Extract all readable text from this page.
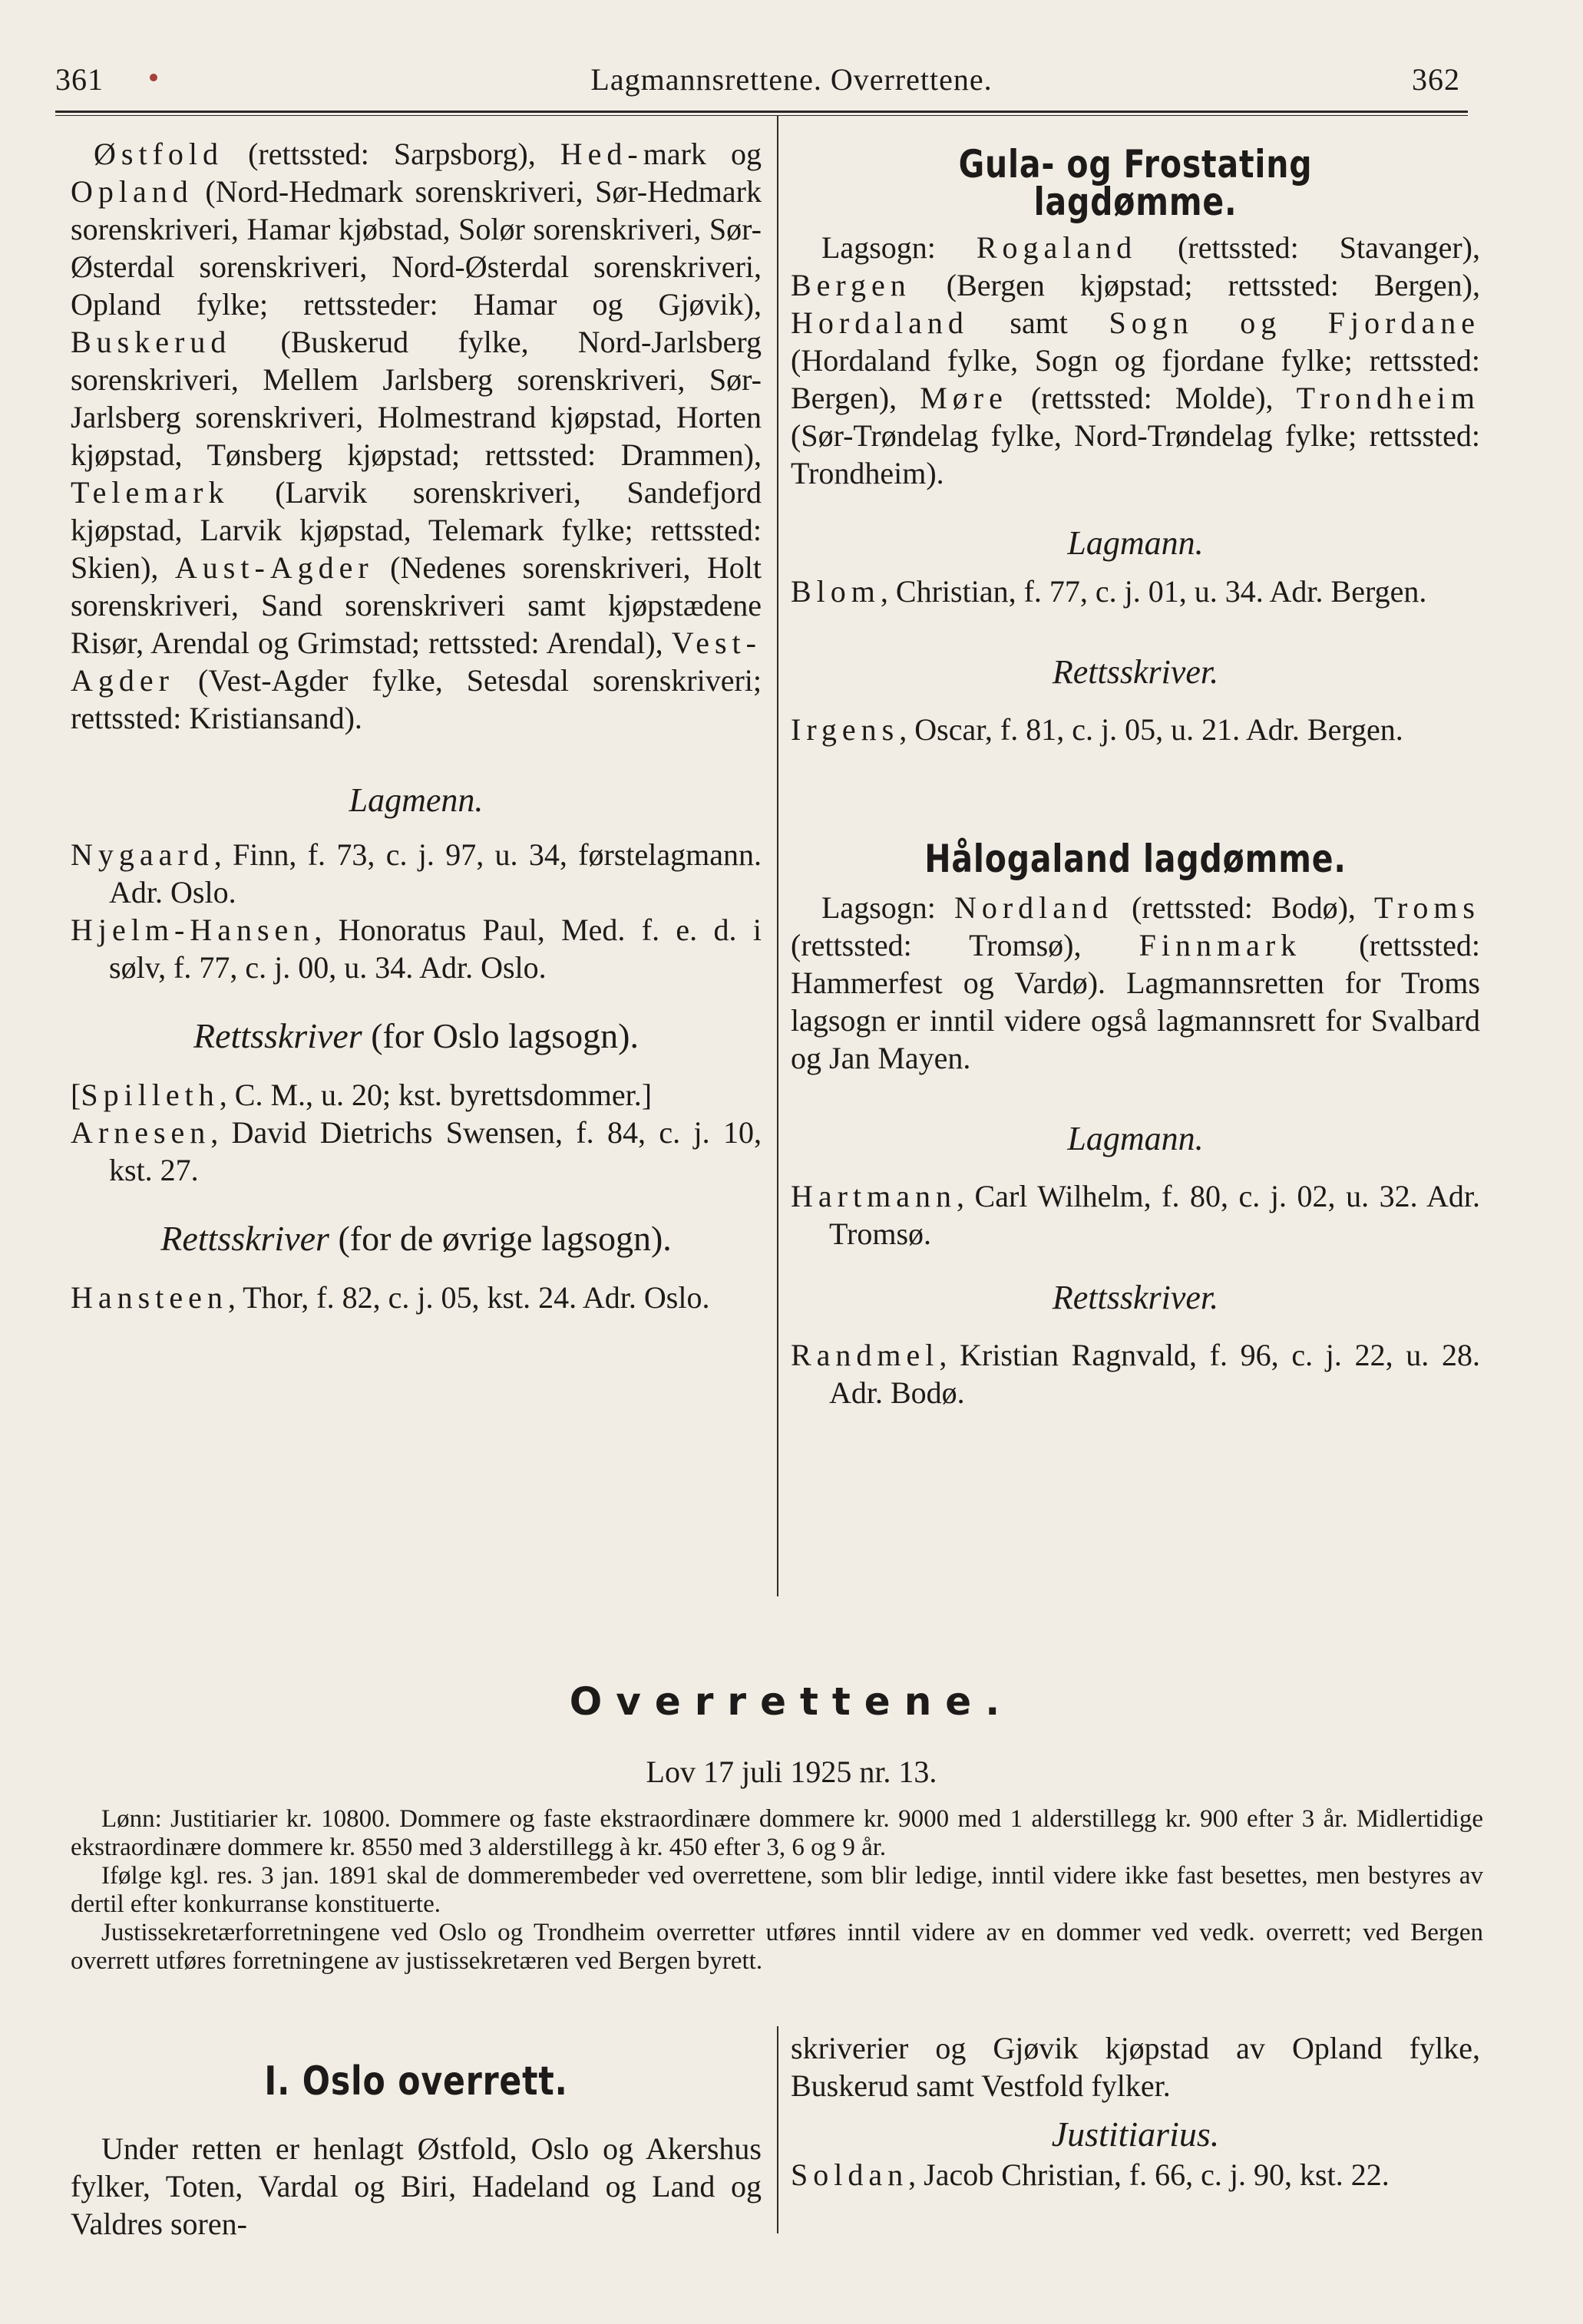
361	Lagmannsrettene. Overrettene.	362

Østfold (rettssted: Sarpsborg), Hed-mark og Opland (Nord-Hedmark sorenskriveri, Sør-Hedmark sorenskriveri, Hamar kjøbstad, Solør sorenskriveri, Sør-Østerdal sorenskriveri, Nord-Østerdal sorenskriveri, Opland fylke; rettssteder: Hamar og Gjøvik), Buskerud (Buskerud fylke, Nord-Jarlsberg sorenskriveri, Mellem Jarlsberg sorenskriveri, Sør-Jarlsberg sorenskriveri, Holmestrand kjøpstad, Horten kjøpstad, Tønsberg kjøpstad; rettssted: Drammen), Telemark (Larvik sorenskriveri, Sandefjord kjøpstad, Larvik kjøpstad, Telemark fylke; rettssted: Skien), Aust-Agder (Nedenes sorenskriveri, Holt sorenskriveri, Sand sorenskriveri samt kjøpstædene Risør, Arendal og Grimstad; rettssted: Arendal), Vest-Agder (Vest-Agder fylke, Setesdal sorenskriveri; rettssted: Kristiansand).

Lagmenn.

Nygaard, Finn, f. 73, c. j. 97, u. 34, førstelagmann. Adr. Oslo.

Hjelm-Hansen, Honoratus Paul, Med. f. e. d. i sølv, f. 77, c. j. 00, u. 34. Adr. Oslo.

Rettsskriver (for Oslo lagsogn).

[Spilleth, C. M., u. 20; kst. byrettsdommer.]

Arnesen, David Dietrichs Swensen, f. 84, c. j. 10, kst. 27.

Rettsskriver (for de øvrige lagsogn).

Hansteen, Thor, f. 82, c. j. 05, kst. 24. Adr. Oslo.

Gula- og Frostating lagdømme.

Lagsogn: Rogaland (rettssted: Stavanger), Bergen (Bergen kjøpstad; rettssted: Bergen), Hordaland samt Sogn og Fjordane (Hordaland fylke, Sogn og fjordane fylke; rettssted: Bergen), Møre (rettssted: Molde), Trondheim (Sør-Trøndelag fylke, Nord-Trøndelag fylke; rettssted: Trondheim).

Lagmann.

Blom, Christian, f. 77, c. j. 01, u. 34. Adr. Bergen.

Rettsskriver.

Irgens, Oscar, f. 81, c. j. 05, u. 21. Adr. Bergen.

Hålogaland lagdømme.

Lagsogn: Nordland (rettssted: Bodø), Troms (rettssted: Tromsø), Finnmark (rettssted: Hammerfest og Vardø). Lagmannsretten for Troms lagsogn er inntil videre også lagmannsrett for Svalbard og Jan Mayen.

Lagmann.

Hartmann, Carl Wilhelm, f. 80, c. j. 02, u. 32. Adr. Tromsø.

Rettsskriver.

Randmel, Kristian Ragnvald, f. 96, c. j. 22, u. 28. Adr. Bodø.

Overrettene.
Lov 17 juli 1925 nr. 13.

Lønn: Justitiarier kr. 10800. Dommere og faste ekstraordinære dommere kr. 9000 med 1 alderstillegg kr. 900 efter 3 år. Midlertidige ekstraordinære dommere kr. 8550 med 3 alderstillegg à kr. 450 efter 3, 6 og 9 år.

Ifølge kgl. res. 3 jan. 1891 skal de dommerembeder ved overrettene, som blir ledige, inntil videre ikke fast besettes, men bestyres av dertil efter konkurranse konstituerte.

Justissekretærforretningene ved Oslo og Trondheim overretter utføres inntil videre av en dommer ved vedk. overrett; ved Bergen overrett utføres forretningene av justissekretæren ved Bergen byrett.

I. Oslo overrett.

Under retten er henlagt Østfold, Oslo og Akershus fylker, Toten, Vardal og Biri, Hadeland og Land og Valdres soren-

skriverier og Gjøvik kjøpstad av Opland fylke, Buskerud samt Vestfold fylker.

Justitiarius.

Soldan, Jacob Christian, f. 66, c. j. 90, kst. 22.
